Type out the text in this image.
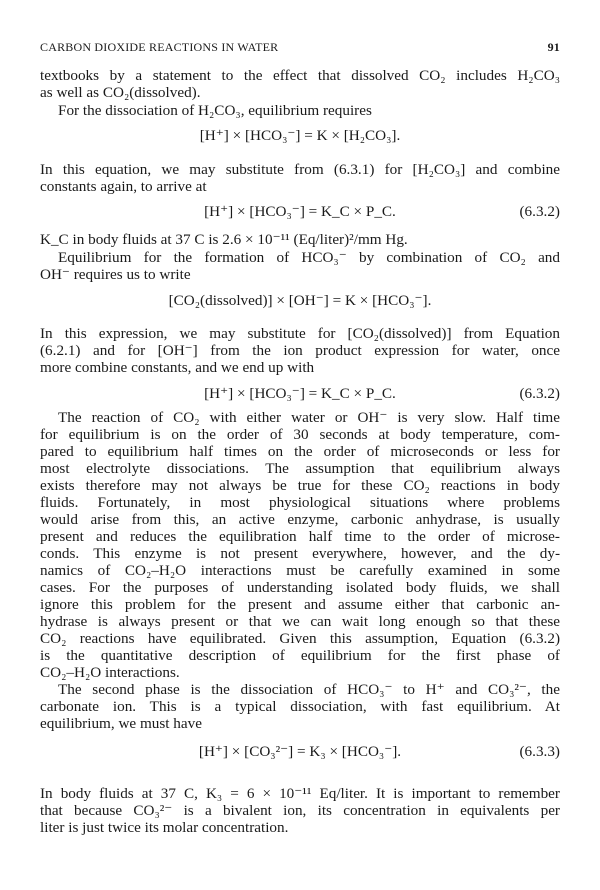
CARBON DIOXIDE REACTIONS IN WATER	91
textbooks by a statement to the effect that dissolved CO₂ includes H₂CO₃
as well as CO₂(dissolved).
For the dissociation of H₂CO₃, equilibrium requires
[H⁺] × [HCO₃⁻] = K × [H₂CO₃].
In this equation, we may substitute from (6.3.1) for [H₂CO₃] and combine
constants again, to arrive at
[H⁺] × [HCO₃⁻] = K_C × P_C.	(6.3.2)
K_C in body fluids at 37 C is 2.6 × 10⁻¹¹ (Eq/liter)²/mm Hg.
Equilibrium for the formation of HCO₃⁻ by combination of CO₂ and
OH⁻ requires us to write
[CO₂(dissolved)] × [OH⁻] = K × [HCO₃⁻].
In this expression, we may substitute for [CO₂(dissolved)] from Equation
(6.2.1) and for [OH⁻] from the ion product expression for water, once
more combine constants, and we end up with
[H⁺] × [HCO₃⁻] = K_C × P_C.	(6.3.2)
The reaction of CO₂ with either water or OH⁻ is very slow. Half time
for equilibrium is on the order of 30 seconds at body temperature, com-
pared to equilibrium half times on the order of microseconds or less for
most electrolyte dissociations. The assumption that equilibrium always
exists therefore may not always be true for these CO₂ reactions in body
fluids. Fortunately, in most physiological situations where problems
would arise from this, an active enzyme, carbonic anhydrase, is usually
present and reduces the equilibration half time to the order of microse-
conds. This enzyme is not present everywhere, however, and the dy-
namics of CO₂–H₂O interactions must be carefully examined in some
cases. For the purposes of understanding isolated body fluids, we shall
ignore this problem for the present and assume either that carbonic an-
hydrase is always present or that we can wait long enough so that these
CO₂ reactions have equilibrated. Given this assumption, Equation (6.3.2)
is the quantitative description of equilibrium for the first phase of
CO₂–H₂O interactions.
The second phase is the dissociation of HCO₃⁻ to H⁺ and CO₃²⁻, the
carbonate ion. This is a typical dissociation, with fast equilibrium. At
equilibrium, we must have
[H⁺] × [CO₃²⁻] = K₃ × [HCO₃⁻].	(6.3.3)
In body fluids at 37 C, K₃ = 6 × 10⁻¹¹ Eq/liter. It is important to remember
that because CO₃²⁻ is a bivalent ion, its concentration in equivalents per
liter is just twice its molar concentration.
